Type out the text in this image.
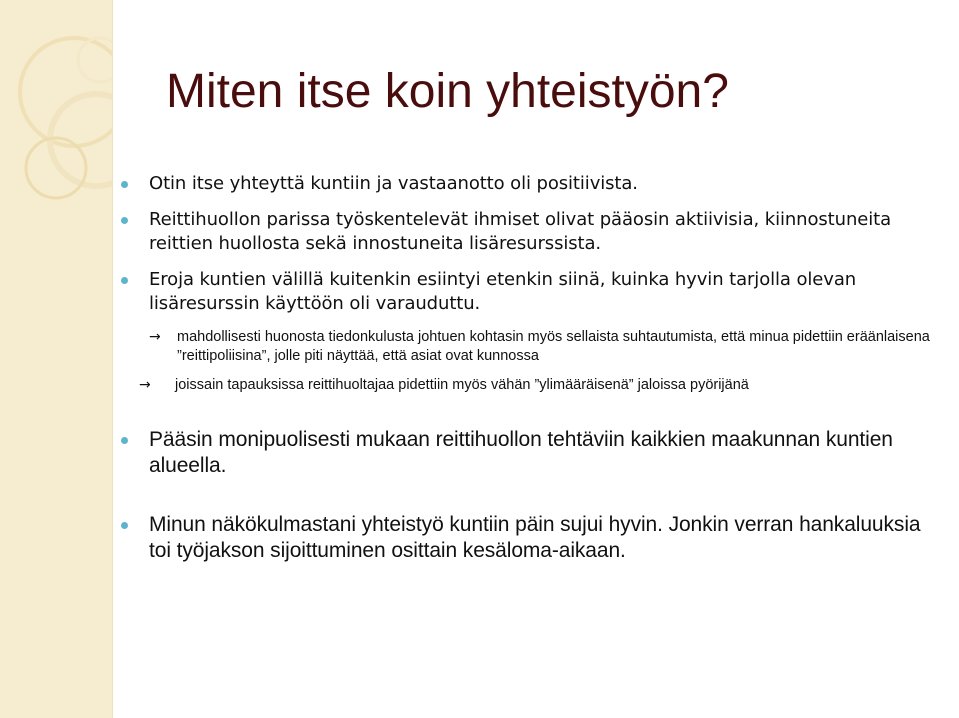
Miten itse koin yhteistyön?
Otin itse yhteyttä kuntiin ja vastaanotto oli positiivista.
Reittihuollon parissa työskentelevät ihmiset olivat pääosin aktiivisia, kiinnostuneita reittien huollosta sekä innostuneita lisäresurssista.
Eroja kuntien välillä kuitenkin esiintyi etenkin siinä, kuinka hyvin tarjolla olevan lisäresurssin käyttöön oli varauduttu.
→ mahdollisesti huonosta tiedonkulusta johtuen kohtasin myös sellaista suhtautumista, että minua pidettiin eräänlaisena ”reittipoliisina”, jolle piti näyttää, että asiat ovat kunnossa
→ joissain tapauksissa reittihuoltajaa pidettiin myös vähän ”ylimääräisenä” jaloissa pyörijänä
Pääsin monipuolisesti mukaan reittihuollon tehtäviin kaikkien maakunnan kuntien alueella.
Minun näkökulmastani yhteistyö kuntiin päin sujui hyvin. Jonkin verran hankaluuksia toi työjakson sijoittuminen osittain kesäloma-aikaan.
